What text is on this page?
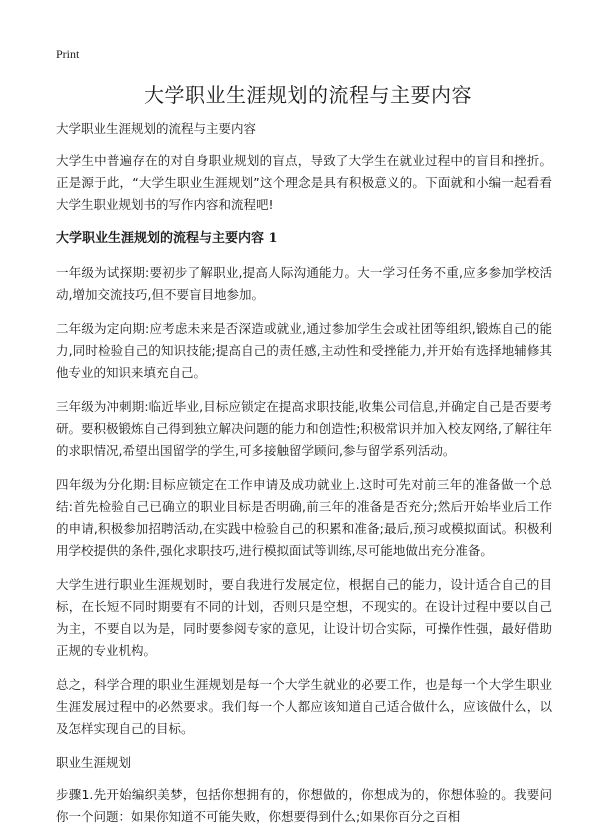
Print
大学职业生涯规划的流程与主要内容

大学职业生涯规划的流程与主要内容

大学生中普遍存在的对自身职业规划的盲点，导致了大学生在就业过程中的盲目和挫折。正是源于此，“大学生职业生涯规划”这个理念是具有积极意义的。下面就和小编一起看看大学生职业规划书的写作内容和流程吧!

大学职业生涯规划的流程与主要内容 1

一年级为试探期:要初步了解职业,提高人际沟通能力。大一学习任务不重,应多参加学校活动,增加交流技巧,但不要盲目地参加。

二年级为定向期:应考虑未来是否深造或就业,通过参加学生会或社团等组织,锻炼自己的能力,同时检验自己的知识技能;提高自己的责任感,主动性和受挫能力,并开始有选择地辅修其他专业的知识来填充自己。

三年级为冲刺期:临近毕业,目标应锁定在提高求职技能,收集公司信息,并确定自己是否要考研。要积极锻炼自己得到独立解决问题的能力和创造性;积极常识并加入校友网络,了解往年的求职情况,希望出国留学的学生,可多接触留学顾问,参与留学系列活动。

四年级为分化期:目标应锁定在工作申请及成功就业上.这时可先对前三年的准备做一个总结:首先检验自己已确立的职业目标是否明确,前三年的准备是否充分;然后开始毕业后工作的申请,积极参加招聘活动,在实践中检验自己的积累和准备;最后,预习或模拟面试。积极利用学校提供的条件,强化求职技巧,进行模拟面试等训练,尽可能地做出充分准备。

大学生进行职业生涯规划时，要自我进行发展定位，根据自己的能力，设计适合自己的目标，在长短不同时期要有不同的计划，否则只是空想，不现实的。在设计过程中要以自己为主，不要自以为是，同时要参阅专家的意见，让设计切合实际，可操作性强，最好借助正规的专业机构。

总之，科学合理的职业生涯规划是每一个大学生就业的必要工作，也是每一个大学生职业生涯发展过程中的必然要求。我们每一个人都应该知道自己适合做什么，应该做什么，以及怎样实现自己的目标。

职业生涯规划

步骤1.先开始编织美梦，包括你想拥有的，你想做的，你想成为的，你想体验的。我要问你一个问题：如果你知道不可能失败，你想要得到什么;如果你百分之百相
